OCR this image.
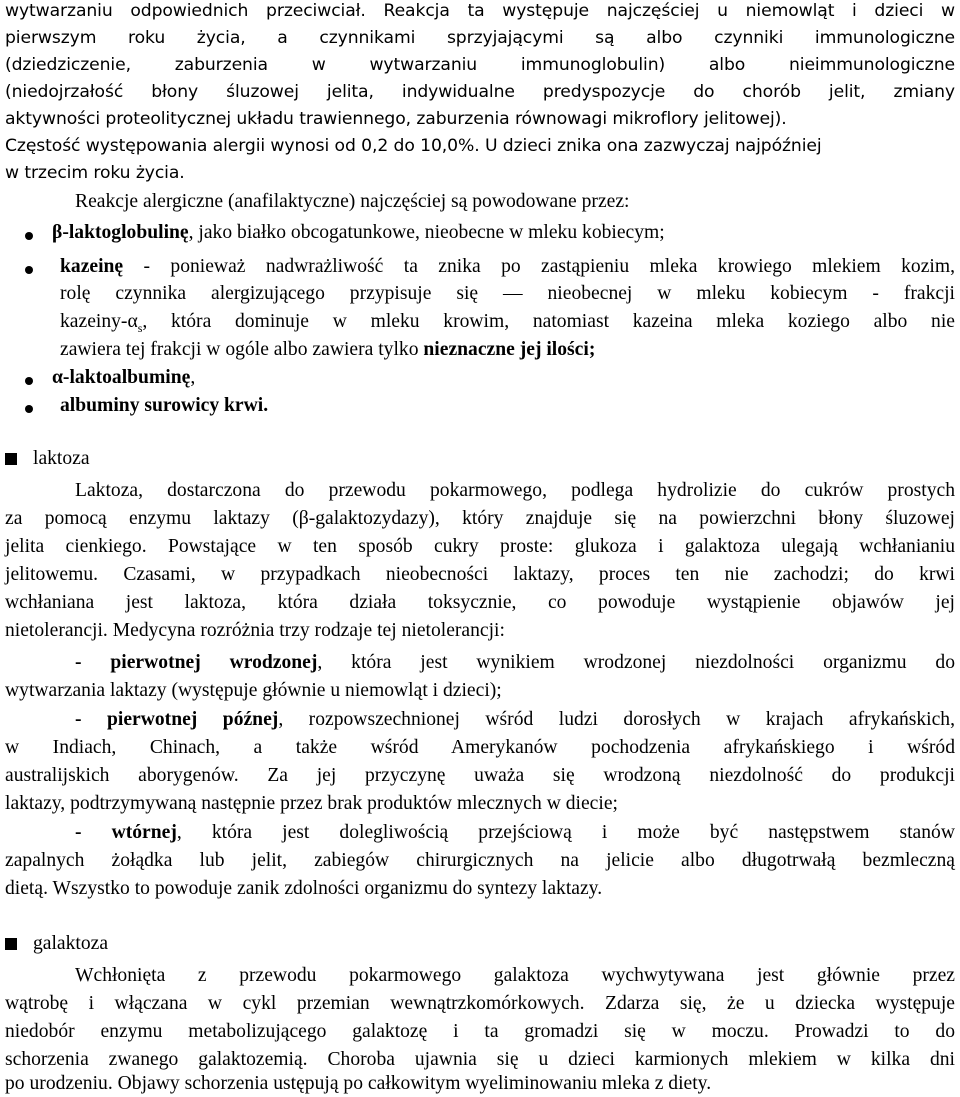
wytwarzaniu odpowiednich przeciwciał. Reakcja ta występuje najczęściej u niemowląt i dzieci w
pierwszym roku życia, a czynnikami sprzyjającymi są albo czynniki immunologiczne
(dziedziczenie, zaburzenia w wytwarzaniu immunoglobulin) albo nieimmunologiczne
(niedojrzałość błony śluzowej jelita, indywidualne predyspozycje do chorób jelit, zmiany
aktywności proteolitycznej układu trawiennego, zaburzenia równowagi mikroflory jelitowej).
Częstość występowania alergii wynosi od 0,2 do 10,0%. U dzieci znika ona zazwyczaj najpóźniej
w trzecim roku życia.
Reakcje alergiczne (anafilaktyczne) najczęściej są powodowane przez:
β-laktoglobulinę, jako białko obcogatunkowe, nieobecne w mleku kobiecym;
kazeinę - ponieważ nadwrażliwość ta znika po zastąpieniu mleka krowiego mlekiem kozim,
rolę czynnika alergizującego przypisuje się — nieobecnej w mleku kobiecym - frakcji
kazeiny-$\alpha_s$, która dominuje w mleku krowim, natomiast kazeina mleka koziego albo nie
zawiera tej frakcji w ogóle albo zawiera tylko nieznaczne jej ilości;
α-laktoalbuminę,
albuminy surowicy krwi.
laktoza
Laktoza, dostarczona do przewodu pokarmowego, podlega hydrolizie do cukrów prostych
za pomocą enzymu laktazy (β-galaktozydazy), który znajduje się na powierzchni błony śluzowej
jelita cienkiego. Powstające w ten sposób cukry proste: glukoza i galaktoza ulegają wchłanianiu
jelitowemu. Czasami, w przypadkach nieobecności laktazy, proces ten nie zachodzi; do krwi
wchłaniana jest laktoza, która działa toksycznie, co powoduje wystąpienie objawów jej
nietolerancji. Medycyna rozróżnia trzy rodzaje tej nietolerancji:
- pierwotnej wrodzonej, która jest wynikiem wrodzonej niezdolności organizmu do
wytwarzania laktazy (występuje głównie u niemowląt i dzieci);
- pierwotnej późnej, rozpowszechnionej wśród ludzi dorosłych w krajach afrykańskich,
w Indiach, Chinach, a także wśród Amerykanów pochodzenia afrykańskiego i wśród
australijskich aborygenów. Za jej przyczynę uważa się wrodzoną niezdolność do produkcji
laktazy, podtrzymywaną następnie przez brak produktów mlecznych w diecie;
- wtórnej, która jest dolegliwością przejściową i może być następstwem stanów
zapalnych żołądka lub jelit, zabiegów chirurgicznych na jelicie albo długotrwałą bezmleczną
dietą. Wszystko to powoduje zanik zdolności organizmu do syntezy laktazy.
galaktoza
Wchłonięta z przewodu pokarmowego galaktoza wychwytywana jest głównie przez
wątrobę i włączana w cykl przemian wewnątrzkomórkowych. Zdarza się, że u dziecka występuje
niedobór enzymu metabolizującego galaktozę i ta gromadzi się w moczu. Prowadzi to do
schorzenia zwanego galaktozemią. Choroba ujawnia się u dzieci karmionych mlekiem w kilka dni
po urodzeniu. Objawy schorzenia ustępują po całkowitym wyeliminowaniu mleka z diety.
